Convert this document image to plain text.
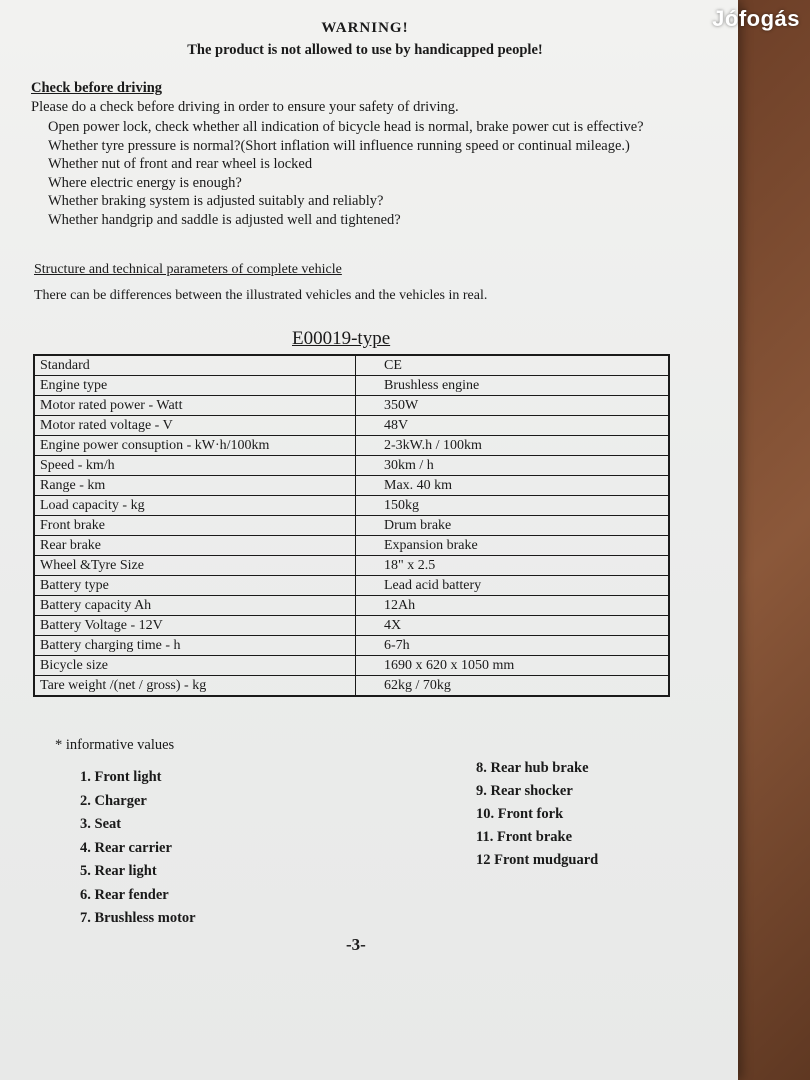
WARNING!
The product is not allowed to use by handicapped people!
Check before driving
Please do a check before driving in order to ensure your safety of driving.
Open power lock, check whether all indication of bicycle head is normal, brake power cut is effective?
Whether tyre pressure is normal?(Short inflation will influence running speed or continual mileage.)
Whether nut of front and rear wheel is locked
Where electric energy is enough?
Whether braking system is adjusted suitably and reliably?
Whether handgrip and saddle is adjusted well and tightened?
Structure and technical parameters of complete vehicle
There can be differences between the illustrated vehicles and the vehicles in real.
E00019-type
Standard	CE
Engine type	Brushless engine
Motor rated power - Watt	350W
Motor rated voltage - V	48V
Engine power consuption - kW·h/100km	2-3kW.h / 100km
Speed - km/h	30km / h
Range - km	Max. 40 km
Load capacity - kg	150kg
Front brake	Drum brake
Rear brake	Expansion brake
Wheel &Tyre Size	18" x 2.5
Battery type	Lead acid battery
Battery capacity Ah	12Ah
Battery Voltage - 12V	4X
Battery charging time - h	6-7h
Bicycle size	1690 x 620 x 1050 mm
Tare weight /(net / gross) - kg	62kg / 70kg
* informative values
1. Front light
2. Charger
3. Seat
4. Rear carrier
5. Rear light
6. Rear fender
7. Brushless motor
8. Rear hub brake
9. Rear shocker
10. Front fork
11. Front brake
12 Front mudguard
-3-
Jófogás
